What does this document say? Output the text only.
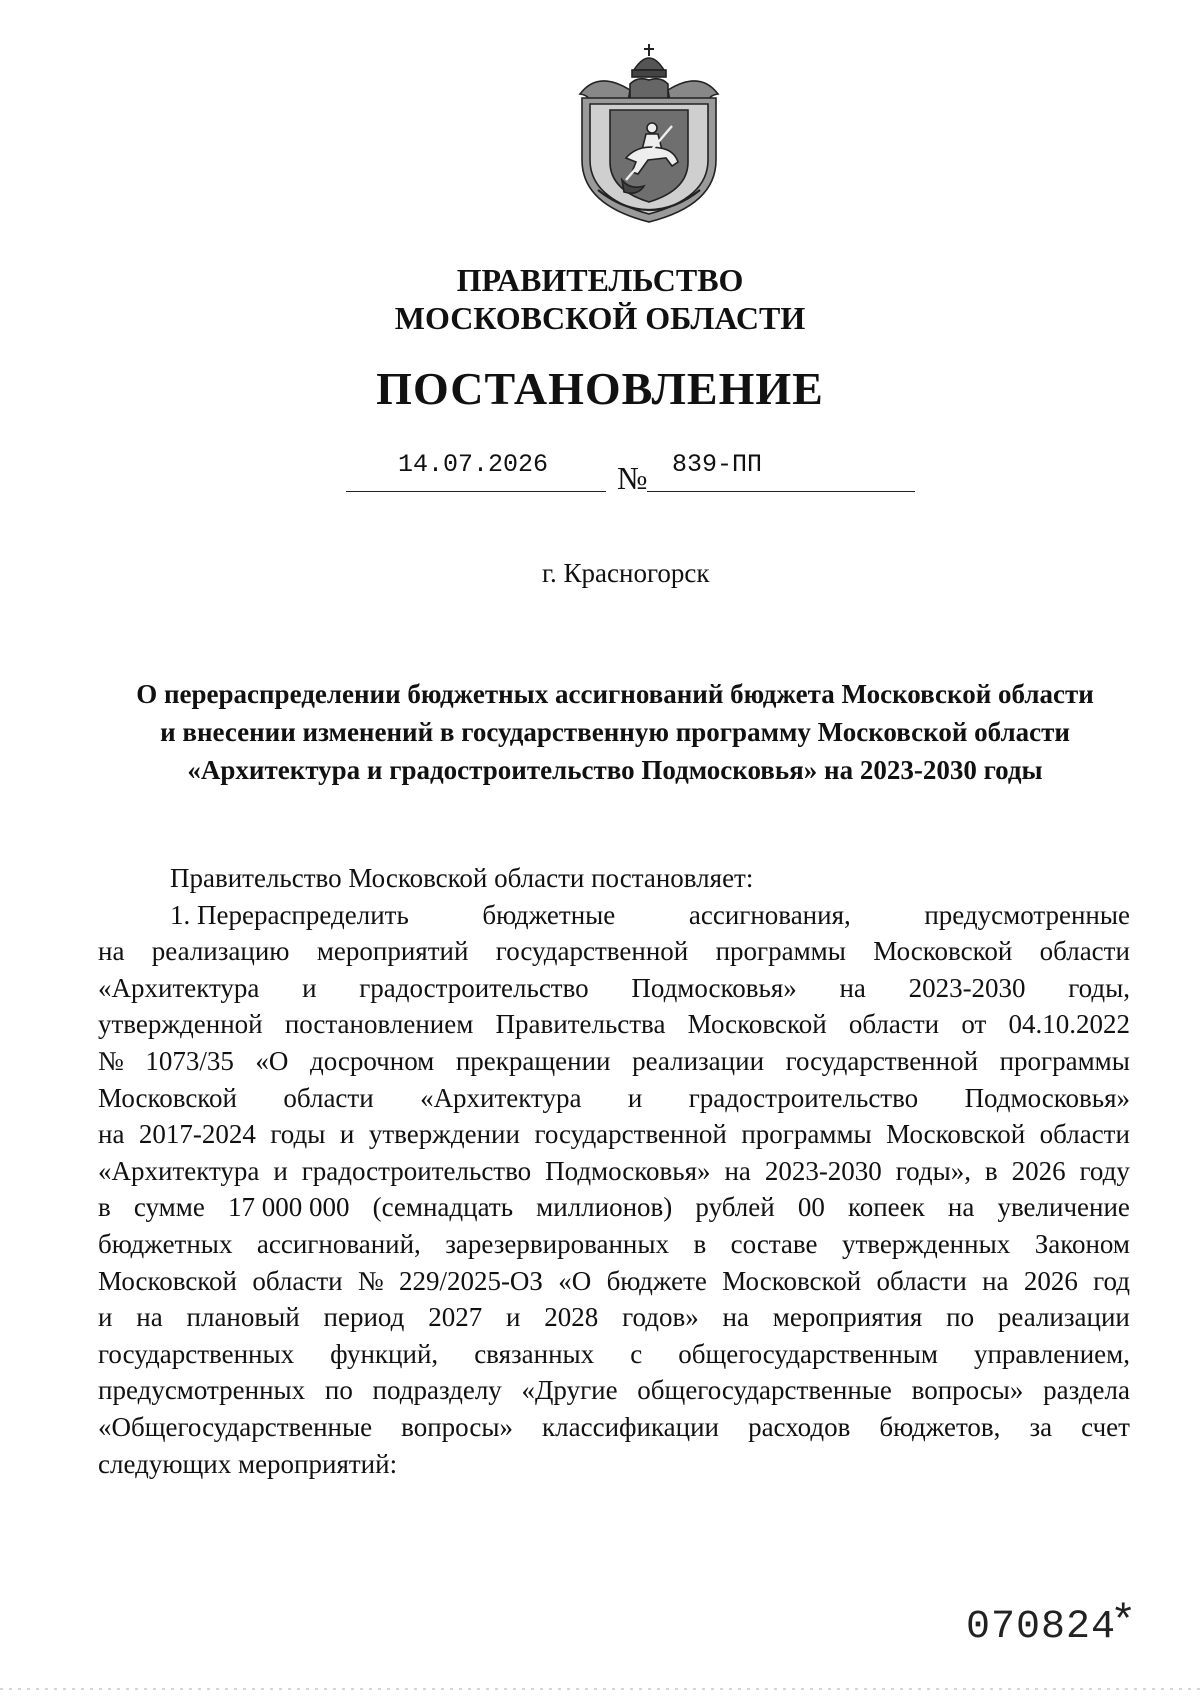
ПРАВИТЕЛЬСТВО
МОСКОВСКОЙ ОБЛАСТИ
ПОСТАНОВЛЕНИЕ
14.07.2026 № 839-ПП
г. Красногорск
О перераспределении бюджетных ассигнований бюджета Московской области
и внесении изменений в государственную программу Московской области
«Архитектура и градостроительство Подмосковья» на 2023-2030 годы
Правительство Московской области постановляет:
1. Перераспределить	бюджетные	ассигнования,	предусмотренные
на реализацию мероприятий государственной программы Московской области
«Архитектура и градостроительство Подмосковья» на 2023-2030 годы,
утвержденной постановлением Правительства Московской области от 04.10.2022
№ 1073/35 «О досрочном прекращении реализации государственной программы
Московской области «Архитектура и градостроительство Подмосковья»
на 2017-2024 годы и утверждении государственной программы Московской области
«Архитектура и градостроительство Подмосковья» на 2023-2030 годы», в 2026 году
в сумме 17 000 000 (семнадцать миллионов) рублей 00 копеек на увеличение
бюджетных ассигнований, зарезервированных в составе утвержденных Законом
Московской области № 229/2025-ОЗ «О бюджете Московской области на 2026 год
и на плановый период 2027 и 2028 годов» на мероприятия по реализации
государственных функций, связанных с общегосударственным управлением,
предусмотренных по подразделу «Другие общегосударственные вопросы» раздела
«Общегосударственные вопросы» классификации расходов бюджетов, за счет
следующих мероприятий:
070824
*
